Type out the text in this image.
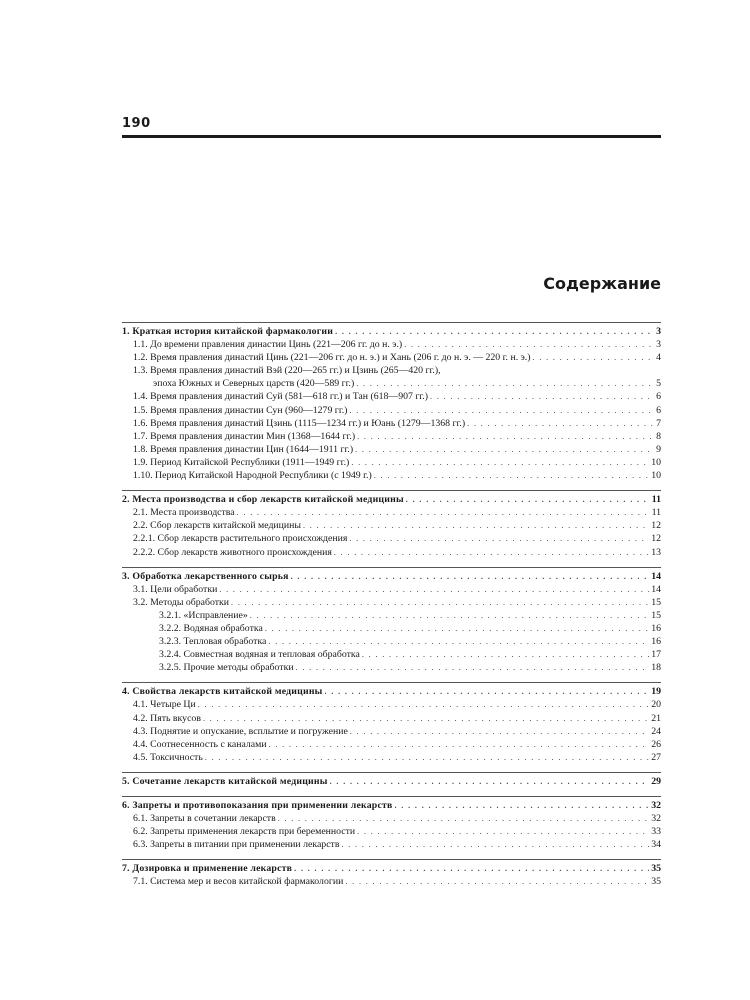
190
Содержание
1. Краткая история китайской фармакологии . . .	3
1.1. До времени правления династии Цинь (221—206 гг. до н. э.) . . .	3
1.2. Время правления династий Цинь (221—206 гг. до н. э.) и Хань (206 г. до н. э. — 220 г. н. э.) . . .	4
1.3. Время правления династий Вэй (220—265 гг.) и Цзинь (265—420 гг.),
эпоха Южных и Северных царств (420—589 гг.) . . .	5
1.4. Время правления династий Суй (581—618 гг.) и Тан (618—907 гг.) . . .	6
1.5. Время правления династии Сун (960—1279 гг.) . . .	6
1.6. Время правления династий Цзинь (1115—1234 гг.) и Юань (1279—1368 гг.) . . .	7
1.7. Время правления династии Мин (1368—1644 гг.) . . .	8
1.8. Время правления династии Цин (1644—1911 гг.) . . .	9
1.9. Период Китайской Республики (1911—1949 гг.) . . .	10
1.10. Период Китайской Народной Республики (с 1949 г.) . . .	10
2. Места производства и сбор лекарств китайской медицины . . .	11
2.1. Места производства . . .	11
2.2. Сбор лекарств китайской медицины . . .	12
2.2.1. Сбор лекарств растительного происхождения . . .	12
2.2.2. Сбор лекарств животного происхождения . . .	13
3. Обработка лекарственного сырья . . .	14
3.1. Цели обработки . . .	14
3.2. Методы обработки . . .	15
3.2.1. «Исправление» . . .	15
3.2.2. Водяная обработка . . .	16
3.2.3. Тепловая обработка . . .	16
3.2.4. Совместная водяная и тепловая обработка . . .	17
3.2.5. Прочие методы обработки . . .	18
4. Свойства лекарств китайской медицины . . .	19
4.1. Четыре Ци . . .	20
4.2. Пять вкусов . . .	21
4.3. Поднятие и опускание, всплытие и погружение . . .	24
4.4. Соотнесенность с каналами . . .	26
4.5. Токсичность . . .	27
5. Сочетание лекарств китайской медицины . . .	29
6. Запреты и противопоказания при применении лекарств . . .	32
6.1. Запреты в сочетании лекарств . . .	32
6.2. Запреты применения лекарств при беременности . . .	33
6.3. Запреты в питании при применении лекарств . . .	34
7. Дозировка и применение лекарств . . .	35
7.1. Система мер и весов китайской фармакологии . . .	35
